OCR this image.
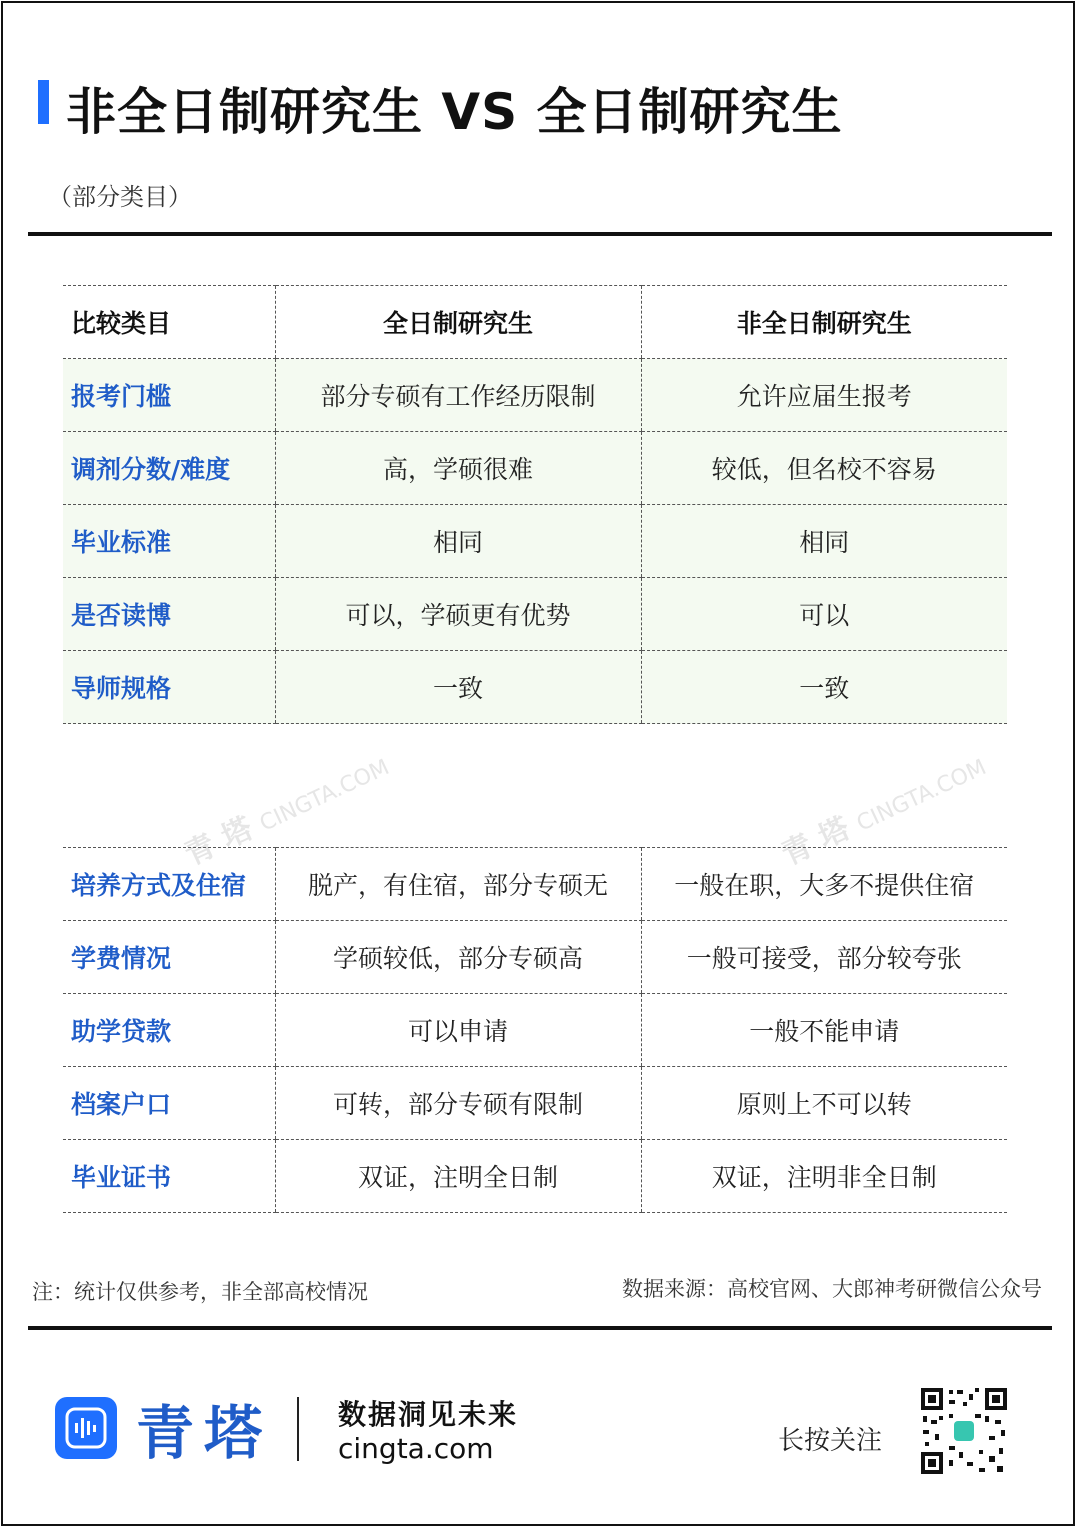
非全日制研究生 VS 全日制研究生
（部分类目）
比较类目	全日制研究生	非全日制研究生
报考门槛	部分专硕有工作经历限制	允许应届生报考
调剂分数/难度	高，学硕很难	较低，但名校不容易
毕业标准	相同	相同
是否读博	可以，学硕更有优势	可以
导师规格	一致	一致
青 塔 CINGTA.COM
青 塔 CINGTA.COM
培养方式及住宿	脱产，有住宿，部分专硕无	一般在职，大多不提供住宿
学费情况	学硕较低，部分专硕高	一般可接受，部分较夸张
助学贷款	可以申请	一般不能申请
档案户口	可转，部分专硕有限制	原则上不可以转
毕业证书	双证，注明全日制	双证，注明非全日制
注：统计仅供参考，非全部高校情况	数据来源：高校官网、大郎神考研微信公众号
青塔 数据洞见未来
cingta.com	长按关注
